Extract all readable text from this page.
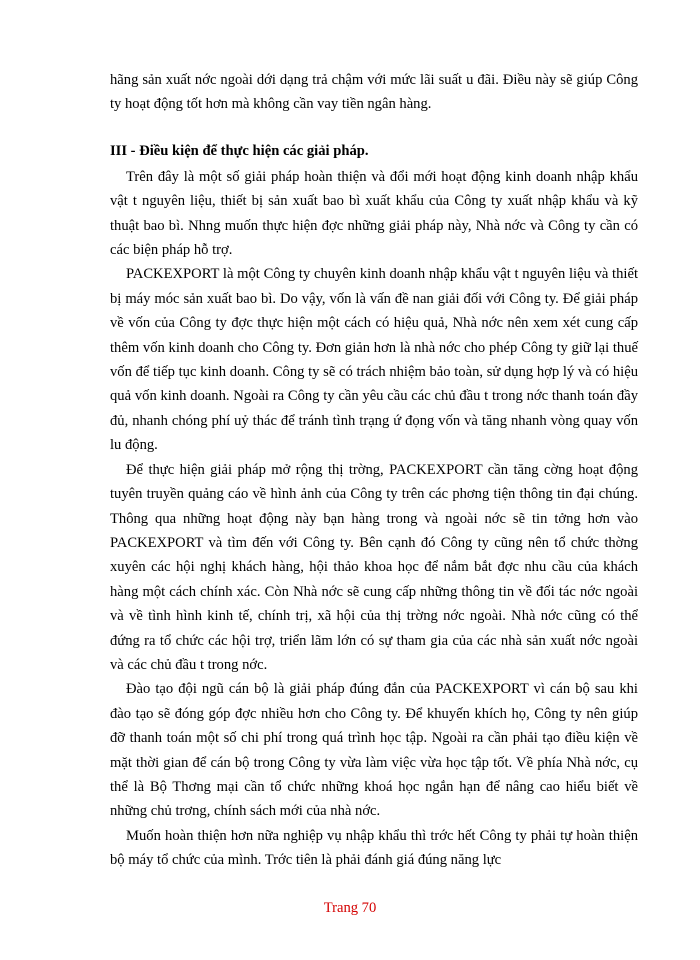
hãng sản xuất nớc ngoài dới dạng trả chậm với mức lãi suất u đãi. Điều này sẽ giúp Công ty hoạt động tốt hơn mà không cần vay tiền ngân hàng.

III - Điều kiện để thực hiện các giải pháp.

Trên đây là một số giải pháp hoàn thiện và đổi mới hoạt động kinh doanh nhập khẩu vật t nguyên liệu, thiết bị sản xuất bao bì xuất khẩu của Công ty xuất nhập khẩu và kỹ thuật bao bì. Nhng muốn thực hiện đợc những giải pháp này, Nhà nớc và Công ty cần có các biện pháp hỗ trợ.

PACKEXPORT là một Công ty chuyên kinh doanh nhập khẩu vật t nguyên liệu và thiết bị máy móc sản xuất bao bì. Do vậy, vốn là vấn đề nan giải đối với Công ty. Để giải pháp về vốn của Công ty đợc thực hiện một cách có hiệu quả, Nhà nớc nên xem xét cung cấp thêm vốn kinh doanh cho Công ty. Đơn giản hơn là nhà nớc cho phép Công ty giữ lại thuế vốn để tiếp tục kinh doanh. Công ty sẽ có trách nhiệm bảo toàn, sử dụng hợp lý và có hiệu quả vốn kinh doanh. Ngoài ra Công ty cần yêu cầu các chủ đầu t trong nớc thanh toán đầy đủ, nhanh chóng phí uỷ thác để tránh tình trạng ứ đọng vốn và tăng nhanh vòng quay vốn lu động.

Để thực hiện giải pháp mở rộng thị trờng, PACKEXPORT cần tăng cờng hoạt động tuyên truyền quảng cáo về hình ảnh của Công ty trên các phơng tiện thông tin đại chúng. Thông qua những hoạt động này bạn hàng trong và ngoài nớc sẽ tin tởng hơn vào PACKEXPORT và tìm đến với Công ty. Bên cạnh đó Công ty cũng nên tổ chức thờng xuyên các hội nghị khách hàng, hội thảo khoa học để nắm bắt đợc nhu cầu của khách hàng một cách chính xác. Còn Nhà nớc sẽ cung cấp những thông tin về đối tác nớc ngoài và về tình hình kinh tế, chính trị, xã hội của thị trờng nớc ngoài. Nhà nớc cũng có thể đứng ra tổ chức các hội trợ, triển lãm lớn có sự tham gia của các nhà sản xuất nớc ngoài và các chủ đầu t trong nớc.

Đào tạo đội ngũ cán bộ là giải pháp đúng đắn của PACKEXPORT vì cán bộ sau khi đào tạo sẽ đóng góp đợc nhiều hơn cho Công ty. Để khuyến khích họ, Công ty nên giúp đỡ thanh toán một số chi phí trong quá trình học tập. Ngoài ra cần phải tạo điều kiện về mặt thời gian để cán bộ trong Công ty vừa làm việc vừa học tập tốt. Về phía Nhà nớc, cụ thể là Bộ Thơng mại cần tổ chức những khoá học ngắn hạn để nâng cao hiểu biết về những chủ trơng, chính sách mới của nhà nớc.

Muốn hoàn thiện hơn nữa nghiệp vụ nhập khẩu thì trớc hết Công ty phải tự hoàn thiện bộ máy tổ chức của mình. Trớc tiên là phải đánh giá đúng năng lực

Trang 70
